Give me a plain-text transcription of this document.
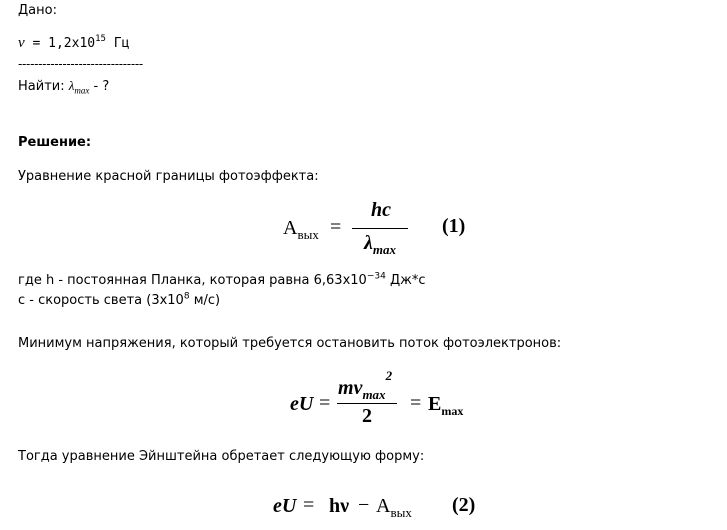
Дано:
$\nu = 1,2x10^{15}$ Гц
-------------------------------
Найти: $\lambda_{max}$ - ?
Решение:
Уравнение красной границы фотоэффекта:
$A_{вых}$ =
hc
$\lambda_{max}$
(1)
где h - постоянная Планка, которая равна $6,63x10^{-34}$ Дж*с
с - скорость света ($3х10^8$ м/с)
Минимум напряжения, который требуется остановить поток фотоэлектронов:
eU =
$mv_{max}^2$
2
= $E_{max}$
Тогда уравнение Эйнштейна обретает следующую форму:
eU = $h\nu - A_{вых}$ (2)
